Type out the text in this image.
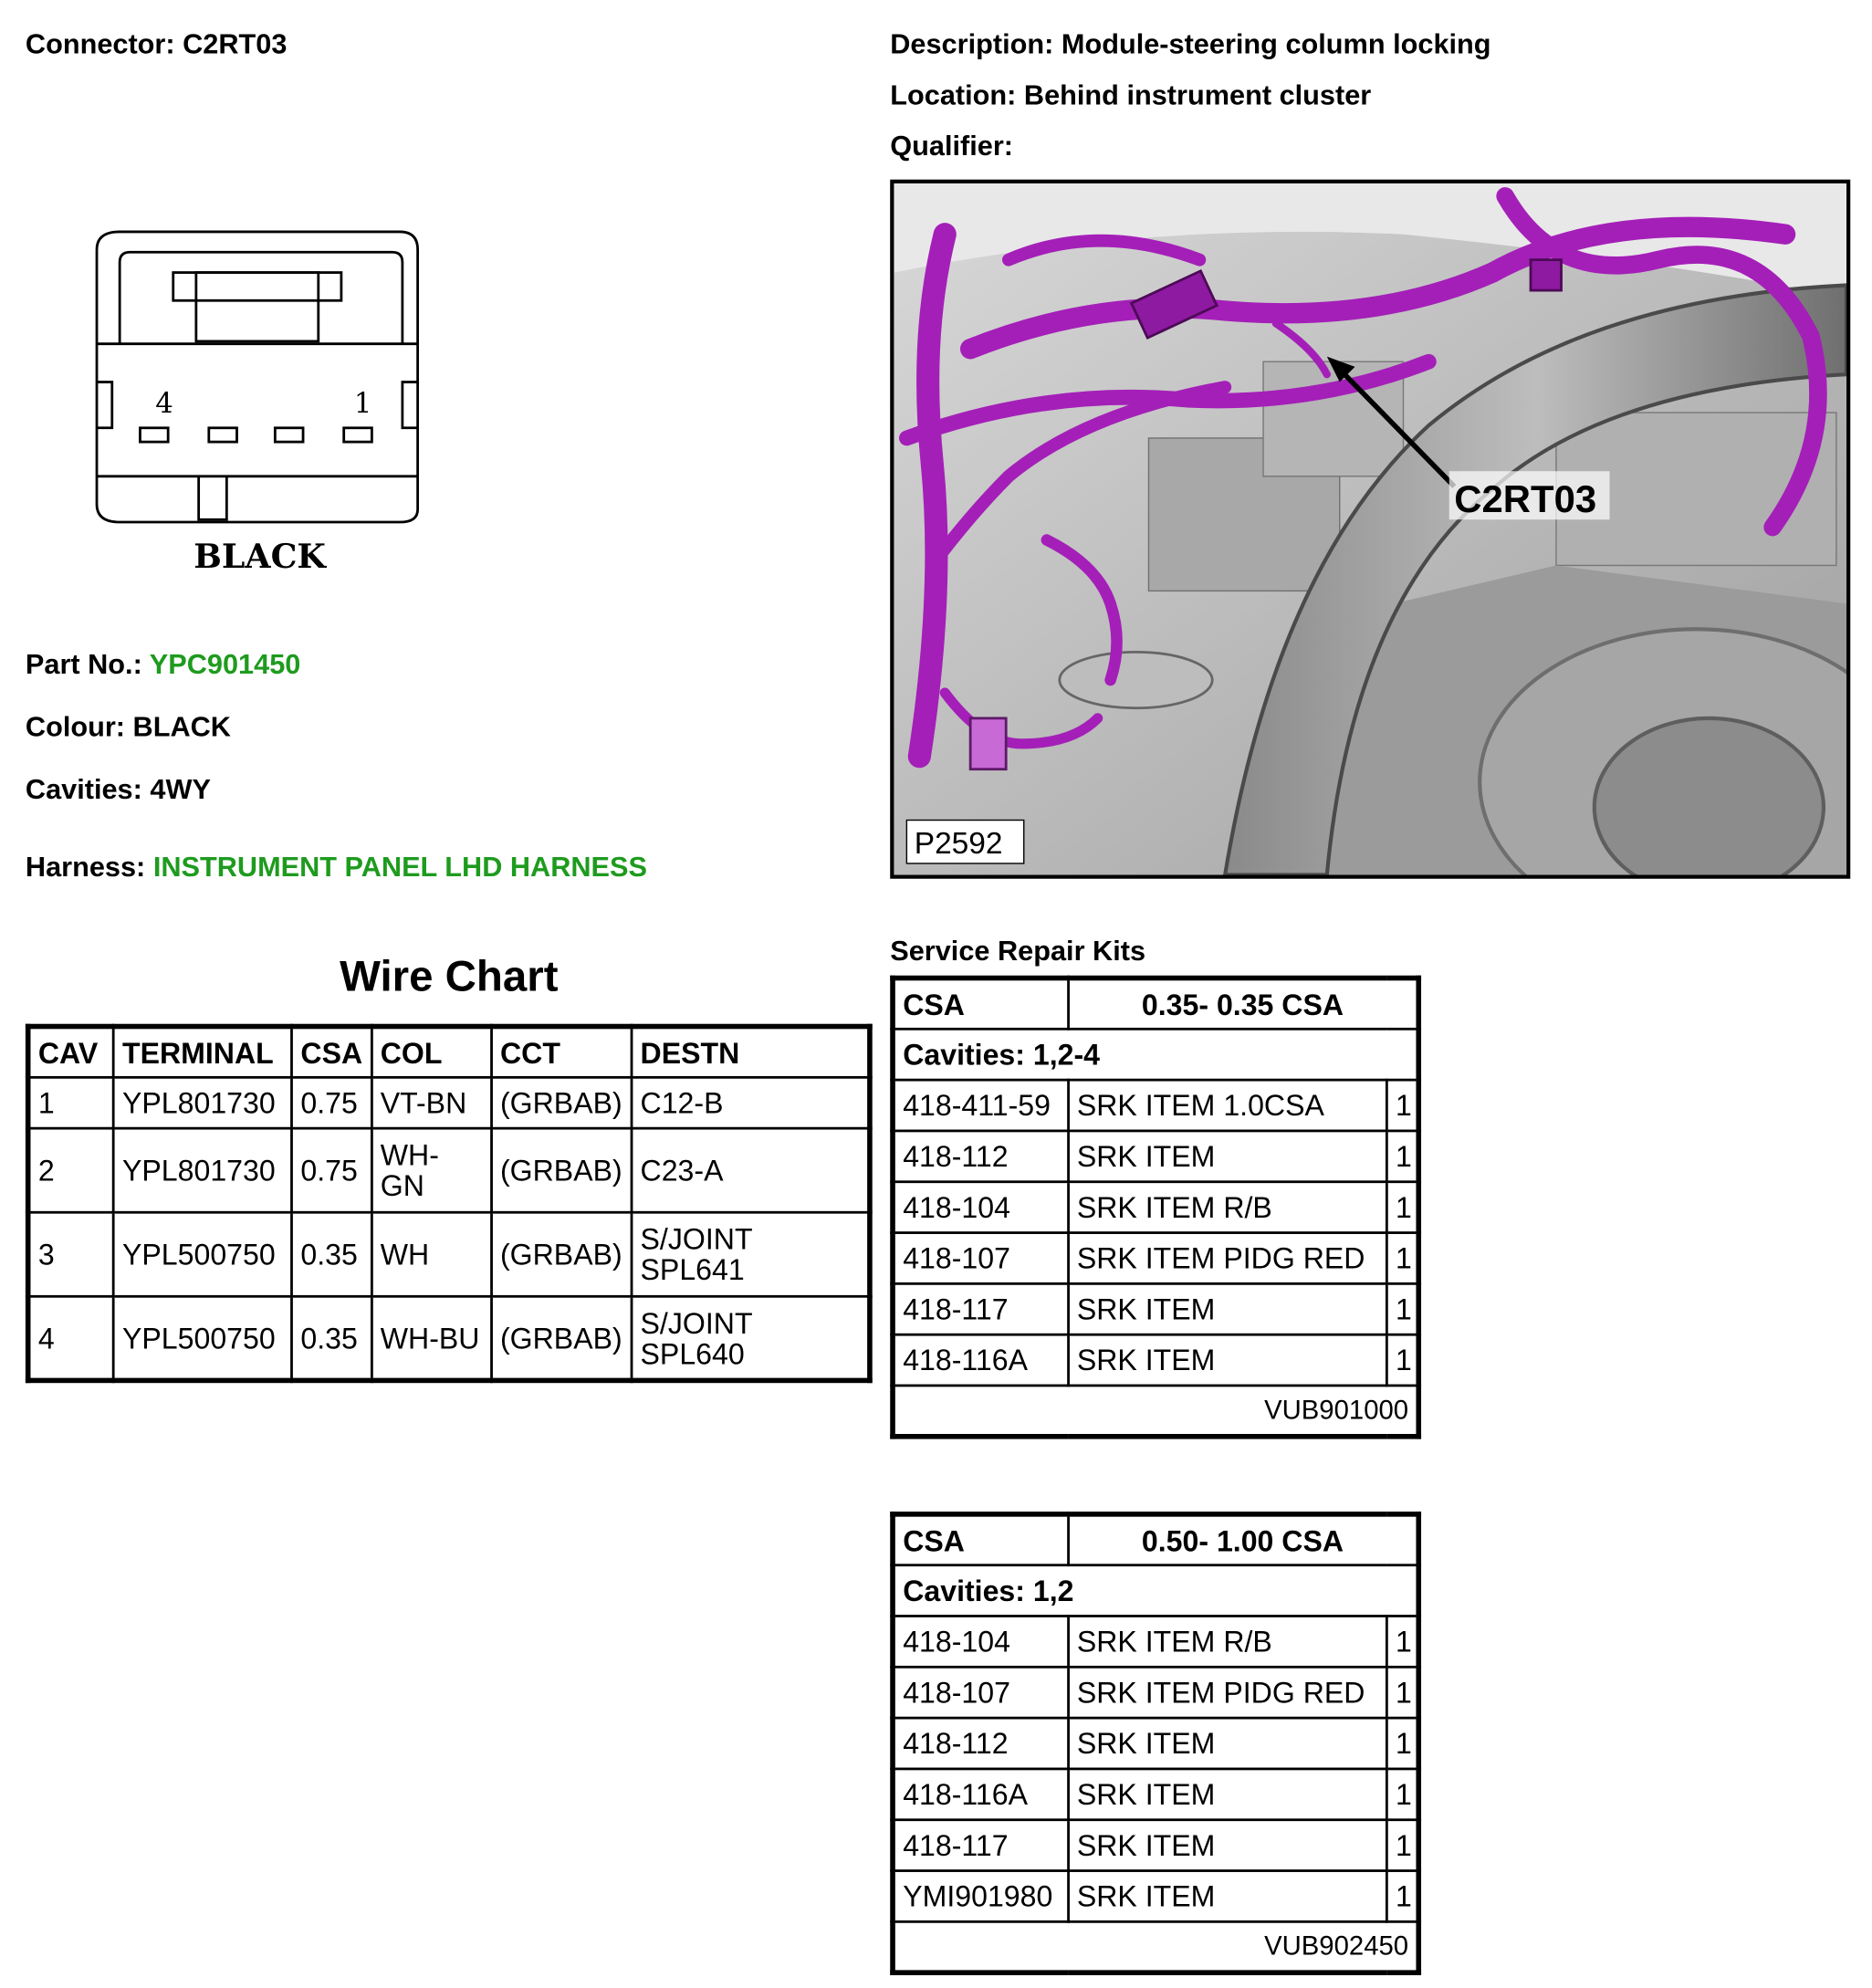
Connector: C2RT03	Description: Module-steering column locking
Location: Behind instrument cluster
Qualifier:
4	1
BLACK
Part No.: YPC901450
Colour: BLACK
Cavities: 4WY
Harness: INSTRUMENT PANEL LHD HARNESS
C2RT03
P2592
Wire Chart
CAV	TERMINAL	CSA	COL	CCT	DESTN
1	YPL801730	0.75	VT-BN	(GRBAB)	C12-B
2	YPL801730	0.75	WH-GN	(GRBAB)	C23-A
3	YPL500750	0.35	WH	(GRBAB)	S/JOINT SPL641
4	YPL500750	0.35	WH-BU	(GRBAB)	S/JOINT SPL640
Service Repair Kits
CSA	0.35- 0.35 CSA	
Cavities: 1,2-4		
418-411-59	SRK ITEM 1.0CSA	1
418-112	SRK ITEM	1
418-104	SRK ITEM R/B	1
418-107	SRK ITEM PIDG RED	1
418-117	SRK ITEM	1
418-116A	SRK ITEM	1
VUB901000		
CSA	0.50- 1.00 CSA	
Cavities: 1,2		
418-104	SRK ITEM R/B	1
418-107	SRK ITEM PIDG RED	1
418-112	SRK ITEM	1
418-116A	SRK ITEM	1
418-117	SRK ITEM	1
YMI901980	SRK ITEM	1
VUB902450		
